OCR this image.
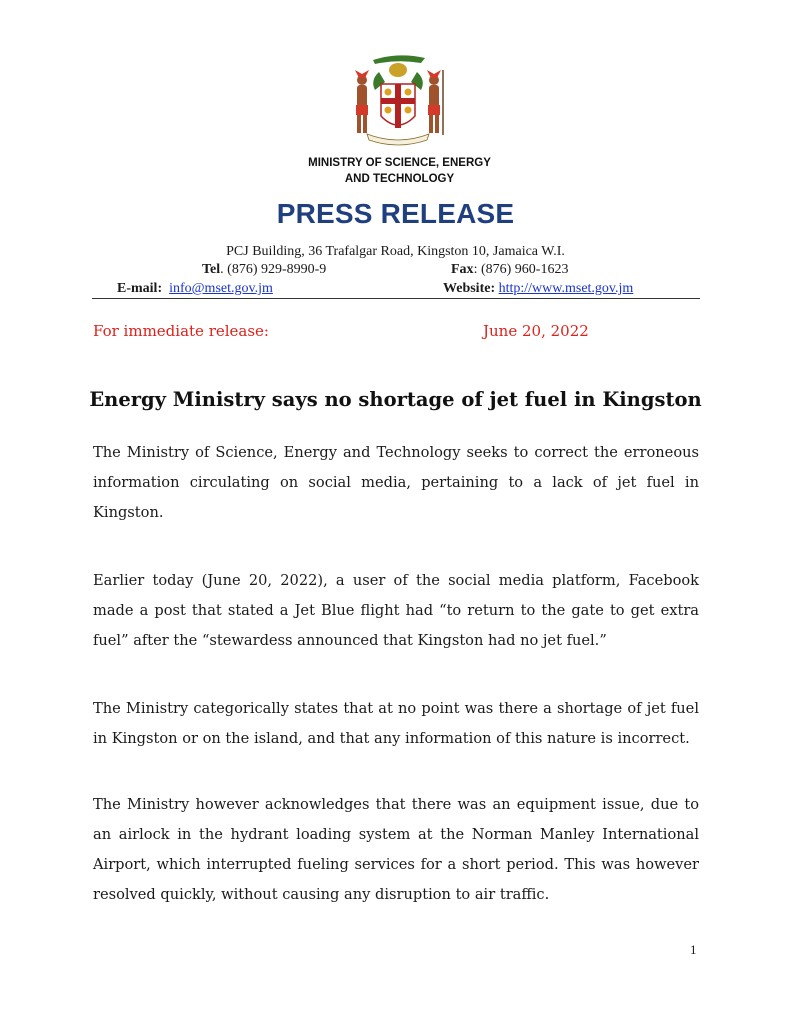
MINISTRY OF SCIENCE, ENERGY
AND TECHNOLOGY
PRESS RELEASE
PCJ Building, 36 Trafalgar Road, Kingston 10, Jamaica W.I.
Tel. (876) 929-8990-9	Fax: (876) 960-1623
E-mail: info@mset.gov.jm	Website: http://www.mset.gov.jm
For immediate release:	June 20, 2022
Energy Ministry says no shortage of jet fuel in Kingston
The Ministry of Science, Energy and Technology seeks to correct the erroneous information circulating on social media, pertaining to a lack of jet fuel in Kingston.
Earlier today (June 20, 2022), a user of the social media platform, Facebook made a post that stated a Jet Blue flight had “to return to the gate to get extra fuel” after the “stewardess announced that Kingston had no jet fuel.”
The Ministry categorically states that at no point was there a shortage of jet fuel in Kingston or on the island, and that any information of this nature is incorrect.
The Ministry however acknowledges that there was an equipment issue, due to an airlock in the hydrant loading system at the Norman Manley International Airport, which interrupted fueling services for a short period. This was however resolved quickly, without causing any disruption to air traffic.
1
